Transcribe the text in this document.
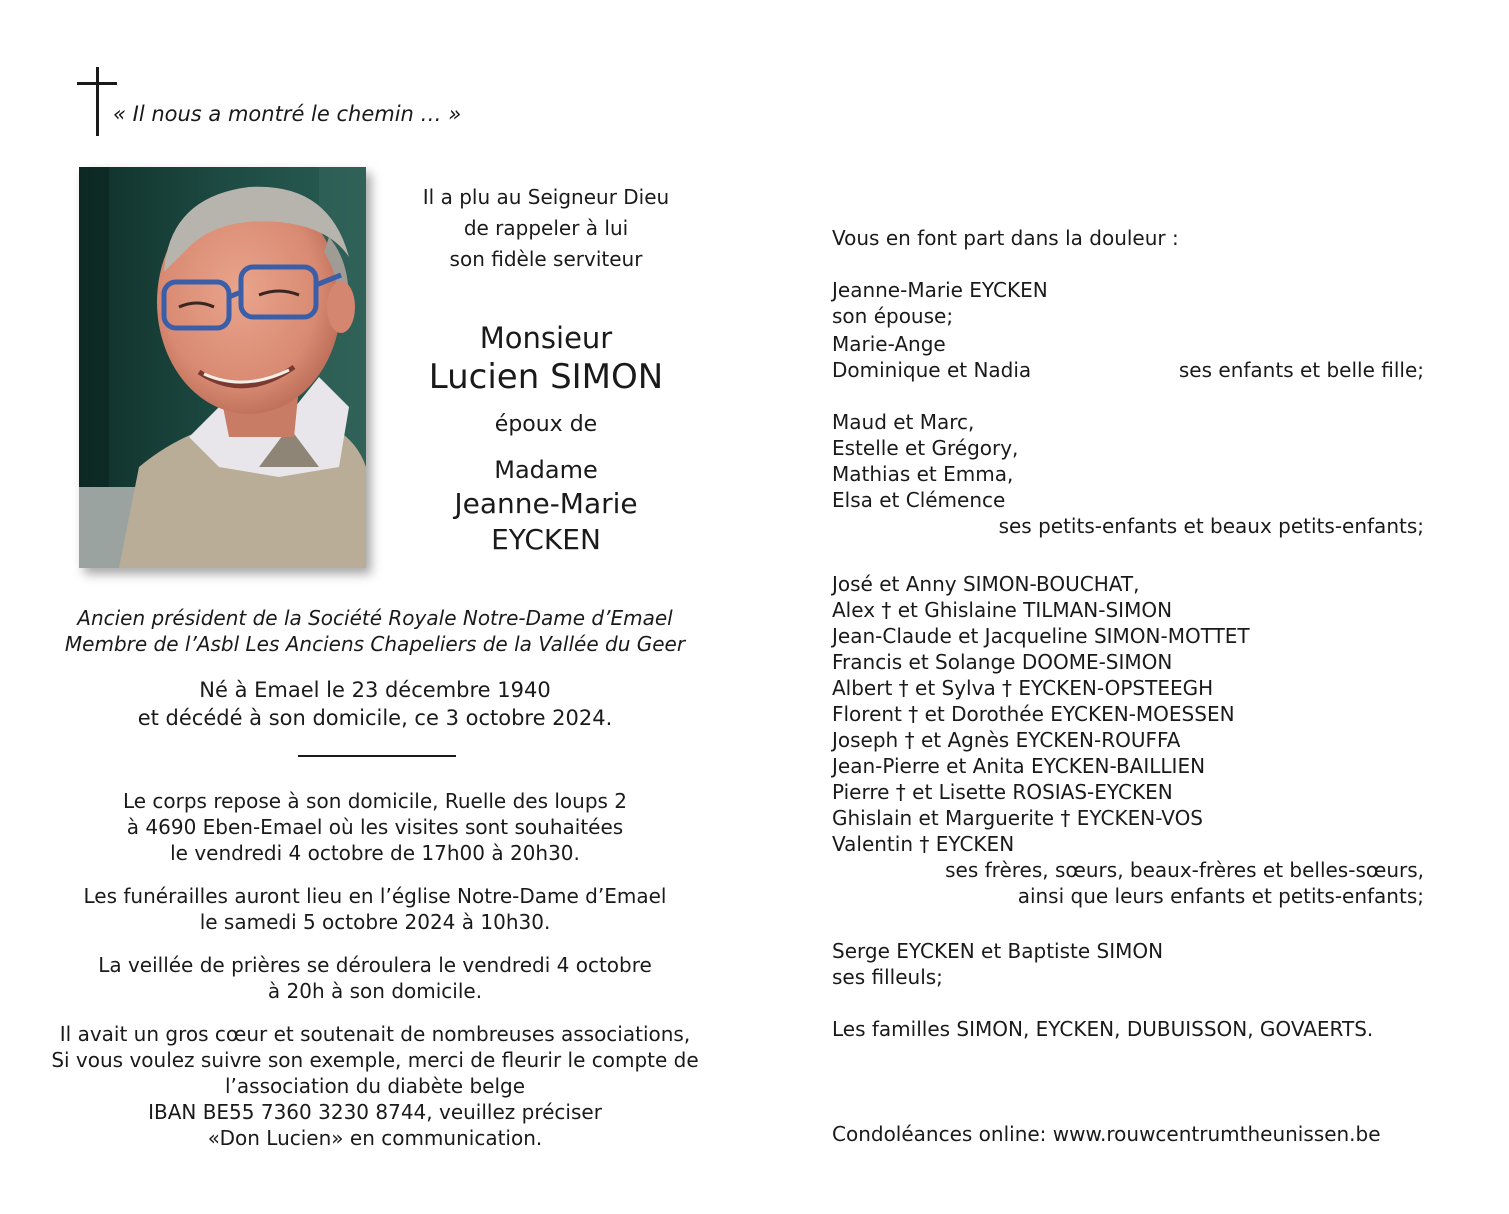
« Il nous a montré le chemin … »
Il a plu au Seigneur Dieu
de rappeler à lui
son fidèle serviteur
Monsieur
Lucien SIMON
époux de
Madame
Jeanne-Marie EYCKEN
Ancien président de la Société Royale Notre-Dame d’Emael
Membre de l’Asbl Les Anciens Chapeliers de la Vallée du Geer
Né à Emael le 23 décembre 1940
et décédé à son domicile, ce 3 octobre 2024.
Le corps repose à son domicile, Ruelle des loups 2
à 4690 Eben-Emael où les visites sont souhaitées
le vendredi 4 octobre de 17h00 à 20h30.
Les funérailles auront lieu en l’église Notre-Dame d’Emael
le samedi 5 octobre 2024 à 10h30.
La veillée de prières se déroulera le vendredi 4 octobre
à 20h à son domicile.
Il avait un gros cœur et soutenait de nombreuses associations,
Si vous voulez suivre son exemple, merci de fleurir le compte de
l’association du diabète belge
IBAN BE55 7360 3230 8744, veuillez préciser
«Don Lucien» en communication.
Vous en font part dans la douleur :
Jeanne-Marie EYCKEN
son épouse;
Marie-Ange
Dominique et Nadia	ses enfants et belle fille;
Maud et Marc,
Estelle et Grégory,
Mathias et Emma,
Elsa et Clémence
ses petits-enfants et beaux petits-enfants;
José et Anny SIMON-BOUCHAT,
Alex † et Ghislaine TILMAN-SIMON
Jean-Claude et Jacqueline SIMON-MOTTET
Francis et Solange DOOME-SIMON
Albert † et Sylva † EYCKEN-OPSTEEGH
Florent † et Dorothée EYCKEN-MOESSEN
Joseph † et Agnès EYCKEN-ROUFFA
Jean-Pierre et Anita EYCKEN-BAILLIEN
Pierre † et Lisette ROSIAS-EYCKEN
Ghislain et Marguerite † EYCKEN-VOS
Valentin † EYCKEN
ses frères, sœurs, beaux-frères et belles-sœurs,
ainsi que leurs enfants et petits-enfants;
Serge EYCKEN et Baptiste SIMON
ses filleuls;
Les familles SIMON, EYCKEN, DUBUISSON, GOVAERTS.
Condoléances online: www.rouwcentrumtheunissen.be
